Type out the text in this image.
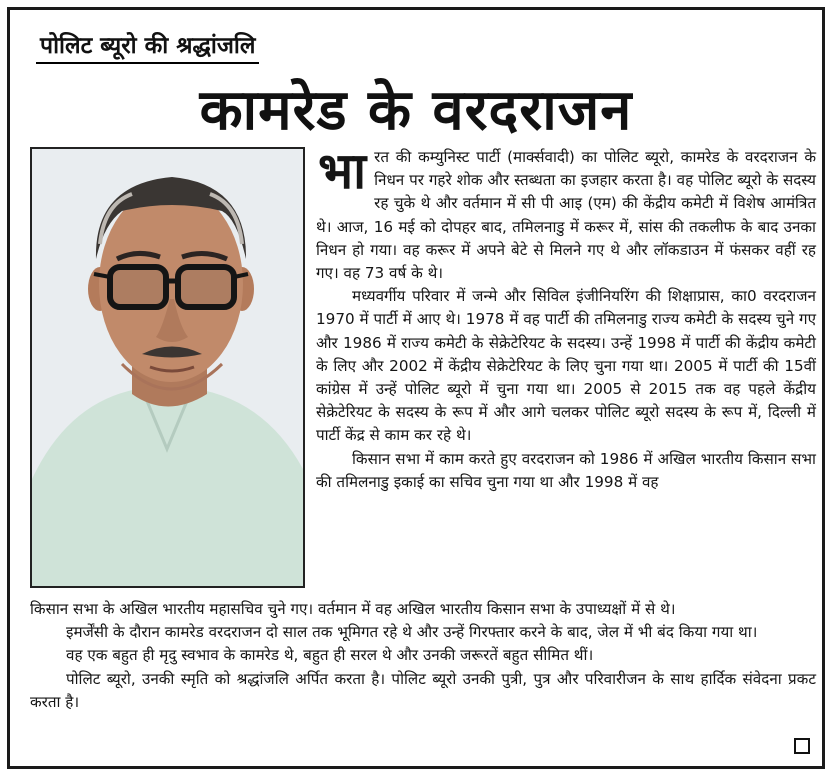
पोलिट ब्यूरो की श्रद्धांजलि
कामरेड के वरदराजन

भारत की कम्युनिस्ट पार्टी (मार्क्सवादी) का पोलिट ब्यूरो, कामरेड के वरदराजन के निधन पर गहरे शोक और स्तब्धता का इजहार करता है। वह पोलिट ब्यूरो के सदस्य रह चुके थे और वर्तमान में सी पी आइ (एम) की केंद्रीय कमेटी में विशेष आमंत्रित थे। आज, 16 मई को दोपहर बाद, तमिलनाडु में करूर में, सांस की तकलीफ के बाद उनका निधन हो गया। वह करूर में अपने बेटे से मिलने गए थे और लॉकडाउन में फंसकर वहीं रह गए। वह 73 वर्ष के थे।

मध्यवर्गीय परिवार में जन्मे और सिविल इंजीनियरिंग की शिक्षाप्रास, का0 वरदराजन 1970 में पार्टी में आए थे। 1978 में वह पार्टी की तमिलनाडु राज्य कमेटी के सदस्य चुने गए और 1986 में राज्य कमेटी के सेक्रेटेरियट के सदस्य। उन्हें 1998 में पार्टी की केंद्रीय कमेटी के लिए और 2002 में केंद्रीय सेक्रेटेरियट के लिए चुना गया था। 2005 में पार्टी की 15वीं कांग्रेस में उन्हें पोलिट ब्यूरो में चुना गया था। 2005 से 2015 तक वह पहले केंद्रीय सेक्रेटेरियट के सदस्य के रूप में और आगे चलकर पोलिट ब्यूरो सदस्य के रूप में, दिल्ली में पार्टी केंद्र से काम कर रहे थे।

किसान सभा में काम करते हुए वरदराजन को 1986 में अखिल भारतीय किसान सभा की तमिलनाडु इकाई का सचिव चुना गया था और 1998 में वह

किसान सभा के अखिल भारतीय महासचिव चुने गए। वर्तमान में वह अखिल भारतीय किसान सभा के उपाध्यक्षों में से थे।

इमर्जेंसी के दौरान कामरेड वरदराजन दो साल तक भूमिगत रहे थे और उन्हें गिरफ्तार करने के बाद, जेल में भी बंद किया गया था।

वह एक बहुत ही मृदु स्वभाव के कामरेड थे, बहुत ही सरल थे और उनकी जरूरतें बहुत सीमित थीं।

पोलिट ब्यूरो, उनकी स्मृति को श्रद्धांजलि अर्पित करता है। पोलिट ब्यूरो उनकी पुत्री, पुत्र और परिवारीजन के साथ हार्दिक संवेदना प्रकट करता है।
